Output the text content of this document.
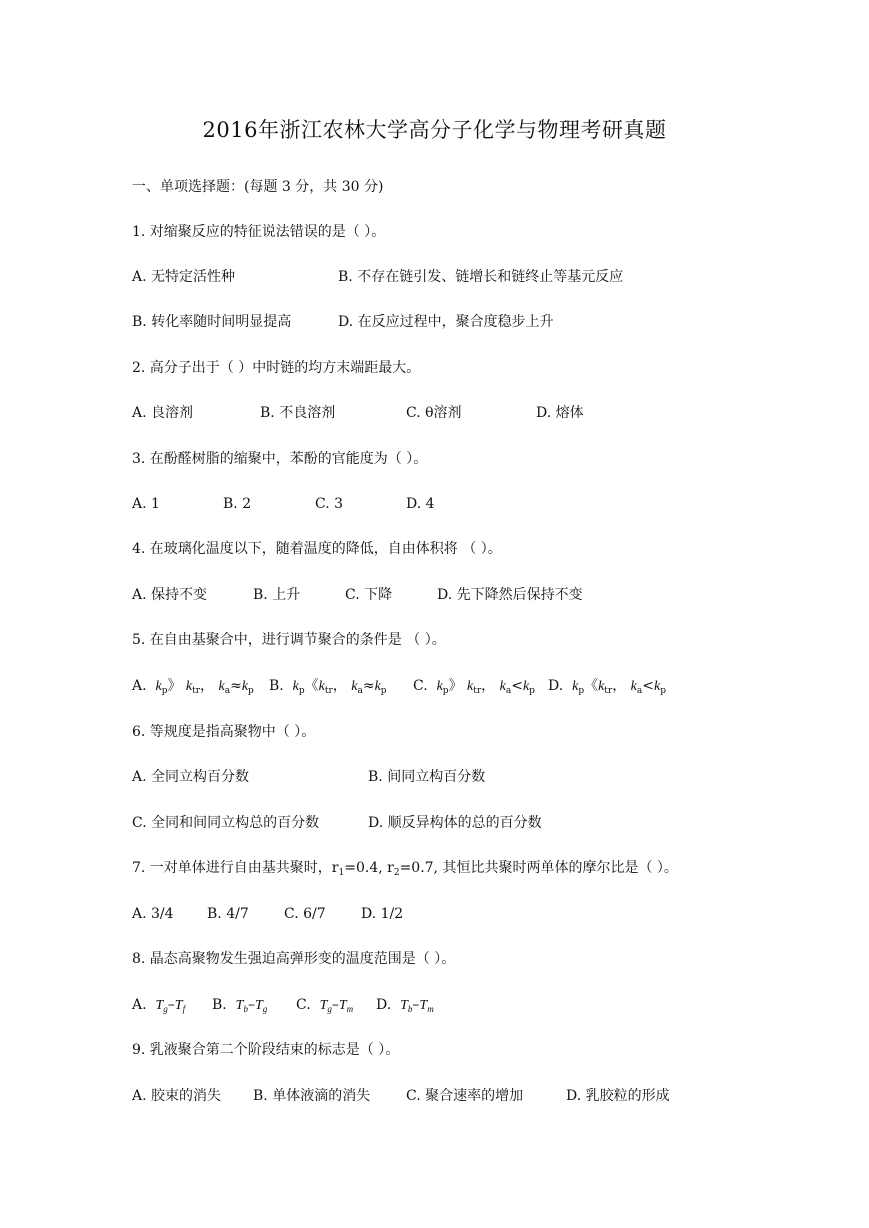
2016年浙江农林大学高分子化学与物理考研真题
一、单项选择题：(每题 3 分，共 30 分)
1. 对缩聚反应的特征说法错误的是（ ）。
A. 无特定活性种	B. 不存在链引发、链增长和链终止等基元反应
B. 转化率随时间明显提高	D. 在反应过程中，聚合度稳步上升
2. 高分子出于（ ）中时链的均方末端距最大。
A. 良溶剂	B. 不良溶剂	C. θ溶剂	D. 熔体
3. 在酚醛树脂的缩聚中，苯酚的官能度为（ ）。
A. 1	B. 2	C. 3	D. 4
4. 在玻璃化温度以下，随着温度的降低，自由体积将 （ ）。
A. 保持不变	B. 上升	C. 下降	D. 先下降然后保持不变
5. 在自由基聚合中，进行调节聚合的条件是 （ ）。
A. $k_p$》 $k_{tr}$， $k_a\approx k_p$ B. $k_p$《$k_{tr}$， $k_a\approx k_p$ C. $k_p$》 $k_{tr}$， $k_a<k_p$ D. $k_p$《$k_{tr}$， $k_a<k_p$
6. 等规度是指高聚物中（ ）。
A. 全同立构百分数	B. 间同立构百分数
C. 全同和间同立构总的百分数	D. 顺反异构体的总的百分数
7. 一对单体进行自由基共聚时，$r_1=0.4$, $r_2=0.7$, 其恒比共聚时两单体的摩尔比是（ ）。
A. 3/4 B. 4/7	C. 6/7	D. 1/2
8. 晶态高聚物发生强迫高弹形变的温度范围是（ ）。
A. $T_g-T_f$ B. $T_b-T_g$ C. $T_g-T_m$ D. $T_b-T_m$
9. 乳液聚合第二个阶段结束的标志是（ ）。
A. 胶束的消失 B. 单体液滴的消失	C. 聚合速率的增加	D. 乳胶粒的形成
